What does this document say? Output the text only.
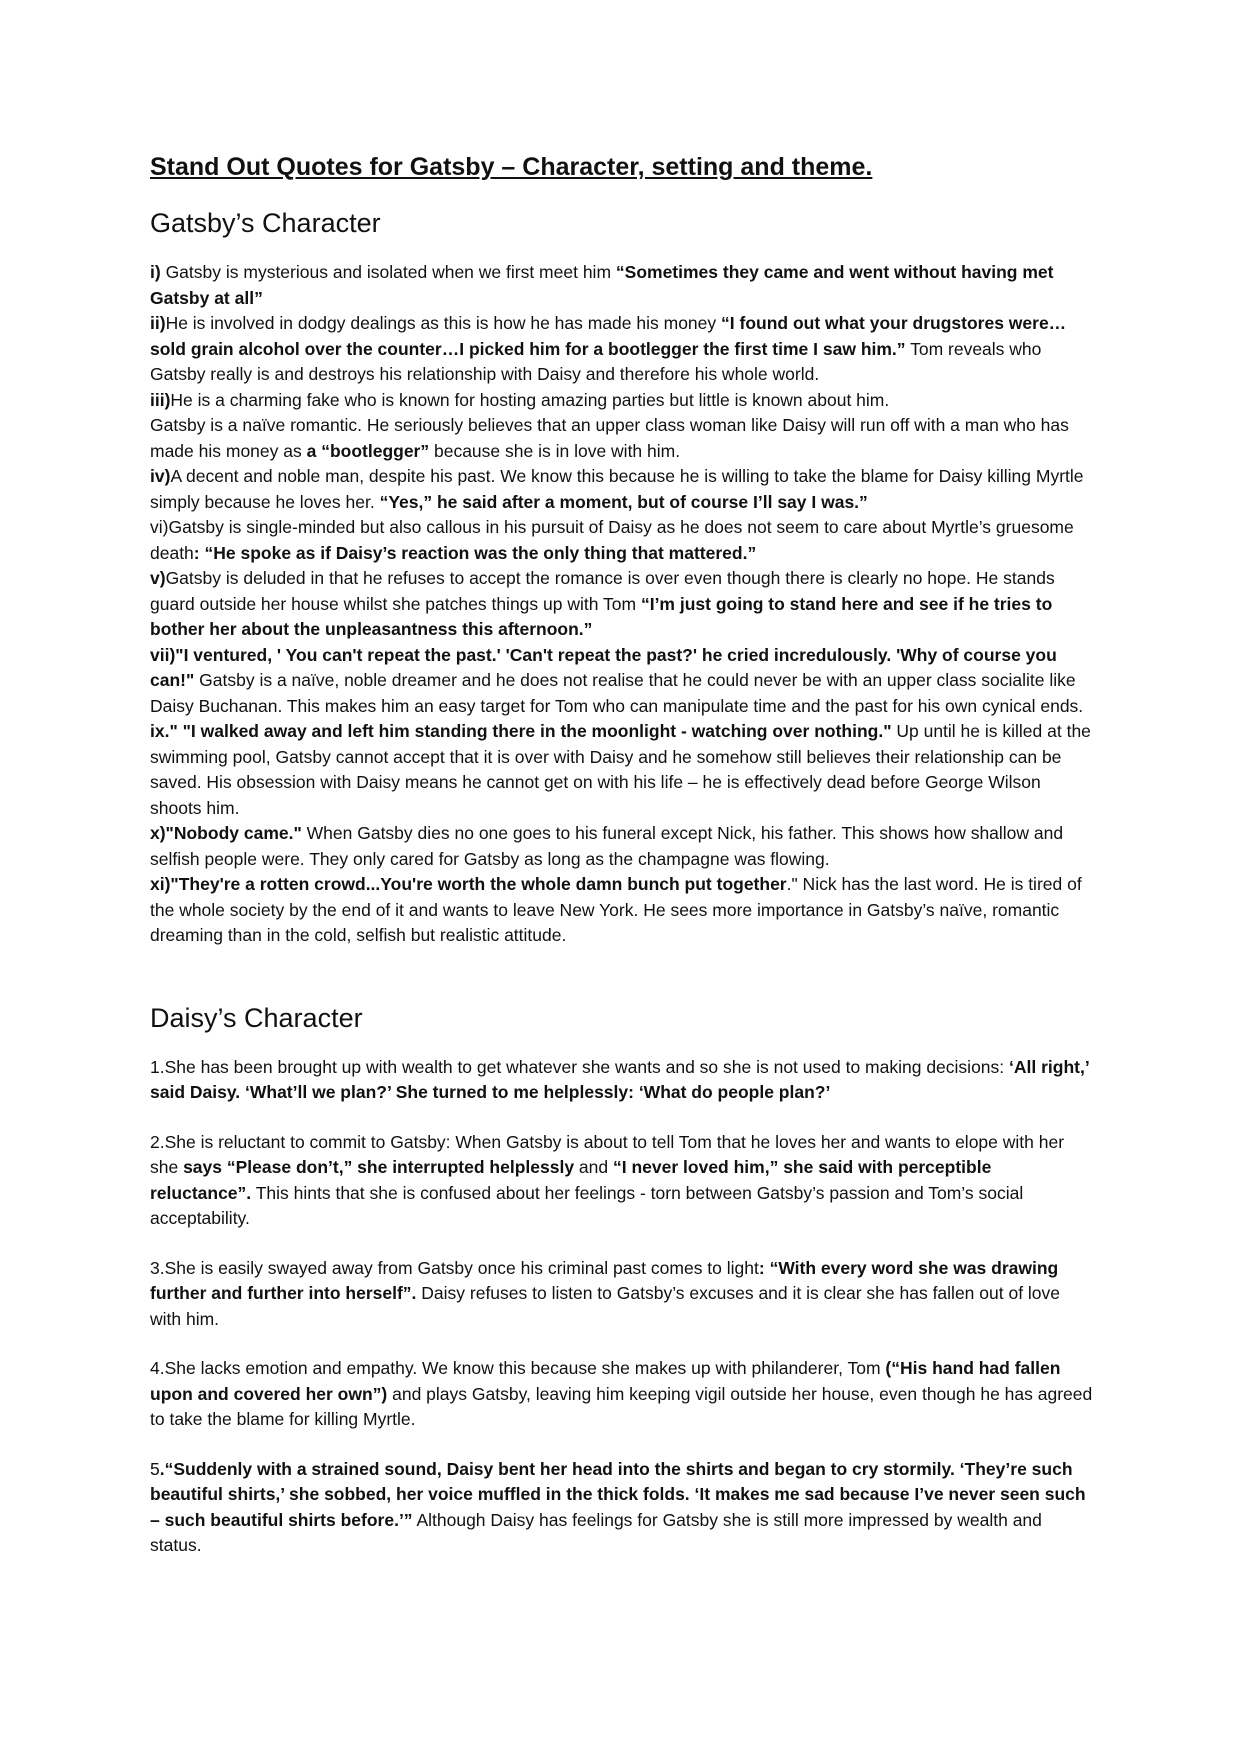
Stand Out Quotes for Gatsby – Character, setting and theme.
Gatsby’s Character

i) Gatsby is mysterious and isolated when we first meet him “Sometimes they came and went without having met Gatsby at all”

ii)He is involved in dodgy dealings as this is how he has made his money “I found out what your drugstores were…sold grain alcohol over the counter…I picked him for a bootlegger the first time I saw him.” Tom reveals who Gatsby really is and destroys his relationship with Daisy and therefore his whole world.

iii)He is a charming fake who is known for hosting amazing parties but little is known about him.

Gatsby is a naïve romantic. He seriously believes that an upper class woman like Daisy will run off with a man who has made his money as a “bootlegger” because she is in love with him.

iv)A decent and noble man, despite his past. We know this because he is willing to take the blame for Daisy killing Myrtle simply because he loves her. “Yes,” he said after a moment, but of course I’ll say I was.”

vi)Gatsby is single-minded but also callous in his pursuit of Daisy as he does not seem to care about Myrtle’s gruesome death: “He spoke as if Daisy’s reaction was the only thing that mattered.”

v)Gatsby is deluded in that he refuses to accept the romance is over even though there is clearly no hope. He stands guard outside her house whilst she patches things up with Tom “I’m just going to stand here and see if he tries to bother her about the unpleasantness this afternoon.”

vii)"I ventured, ' You can't repeat the past.' 'Can't repeat the past?' he cried incredulously. 'Why of course you can!" Gatsby is a naïve, noble dreamer and he does not realise that he could never be with an upper class socialite like Daisy Buchanan. This makes him an easy target for Tom who can manipulate time and the past for his own cynical ends.

ix." "I walked away and left him standing there in the moonlight - watching over nothing." Up until he is killed at the swimming pool, Gatsby cannot accept that it is over with Daisy and he somehow still believes their relationship can be saved. His obsession with Daisy means he cannot get on with his life – he is effectively dead before George Wilson shoots him.

x)"Nobody came." When Gatsby dies no one goes to his funeral except Nick, his father. This shows how shallow and selfish people were. They only cared for Gatsby as long as the champagne was flowing.

xi)"They're a rotten crowd...You're worth the whole damn bunch put together." Nick has the last word. He is tired of the whole society by the end of it and wants to leave New York. He sees more importance in Gatsby’s naïve, romantic dreaming than in the cold, selfish but realistic attitude.

Daisy’s Character

1.She has been brought up with wealth to get whatever she wants and so she is not used to making decisions: ‘All right,’ said Daisy. ‘What’ll we plan?’ She turned to me helplessly: ‘What do people plan?’

2.She is reluctant to commit to Gatsby: When Gatsby is about to tell Tom that he loves her and wants to elope with her she says “Please don’t,” she interrupted helplessly and “I never loved him,” she said with perceptible reluctance”. This hints that she is confused about her feelings - torn between Gatsby’s passion and Tom’s social acceptability.

3.She is easily swayed away from Gatsby once his criminal past comes to light: “With every word she was drawing further and further into herself”. Daisy refuses to listen to Gatsby’s excuses and it is clear she has fallen out of love with him.

4.She lacks emotion and empathy. We know this because she makes up with philanderer, Tom (“His hand had fallen upon and covered her own”) and plays Gatsby, leaving him keeping vigil outside her house, even though he has agreed to take the blame for killing Myrtle.

5.“Suddenly with a strained sound, Daisy bent her head into the shirts and began to cry stormily. ‘They’re such beautiful shirts,’ she sobbed, her voice muffled in the thick folds. ‘It makes me sad because I’ve never seen such – such beautiful shirts before.’” Although Daisy has feelings for Gatsby she is still more impressed by wealth and status.
